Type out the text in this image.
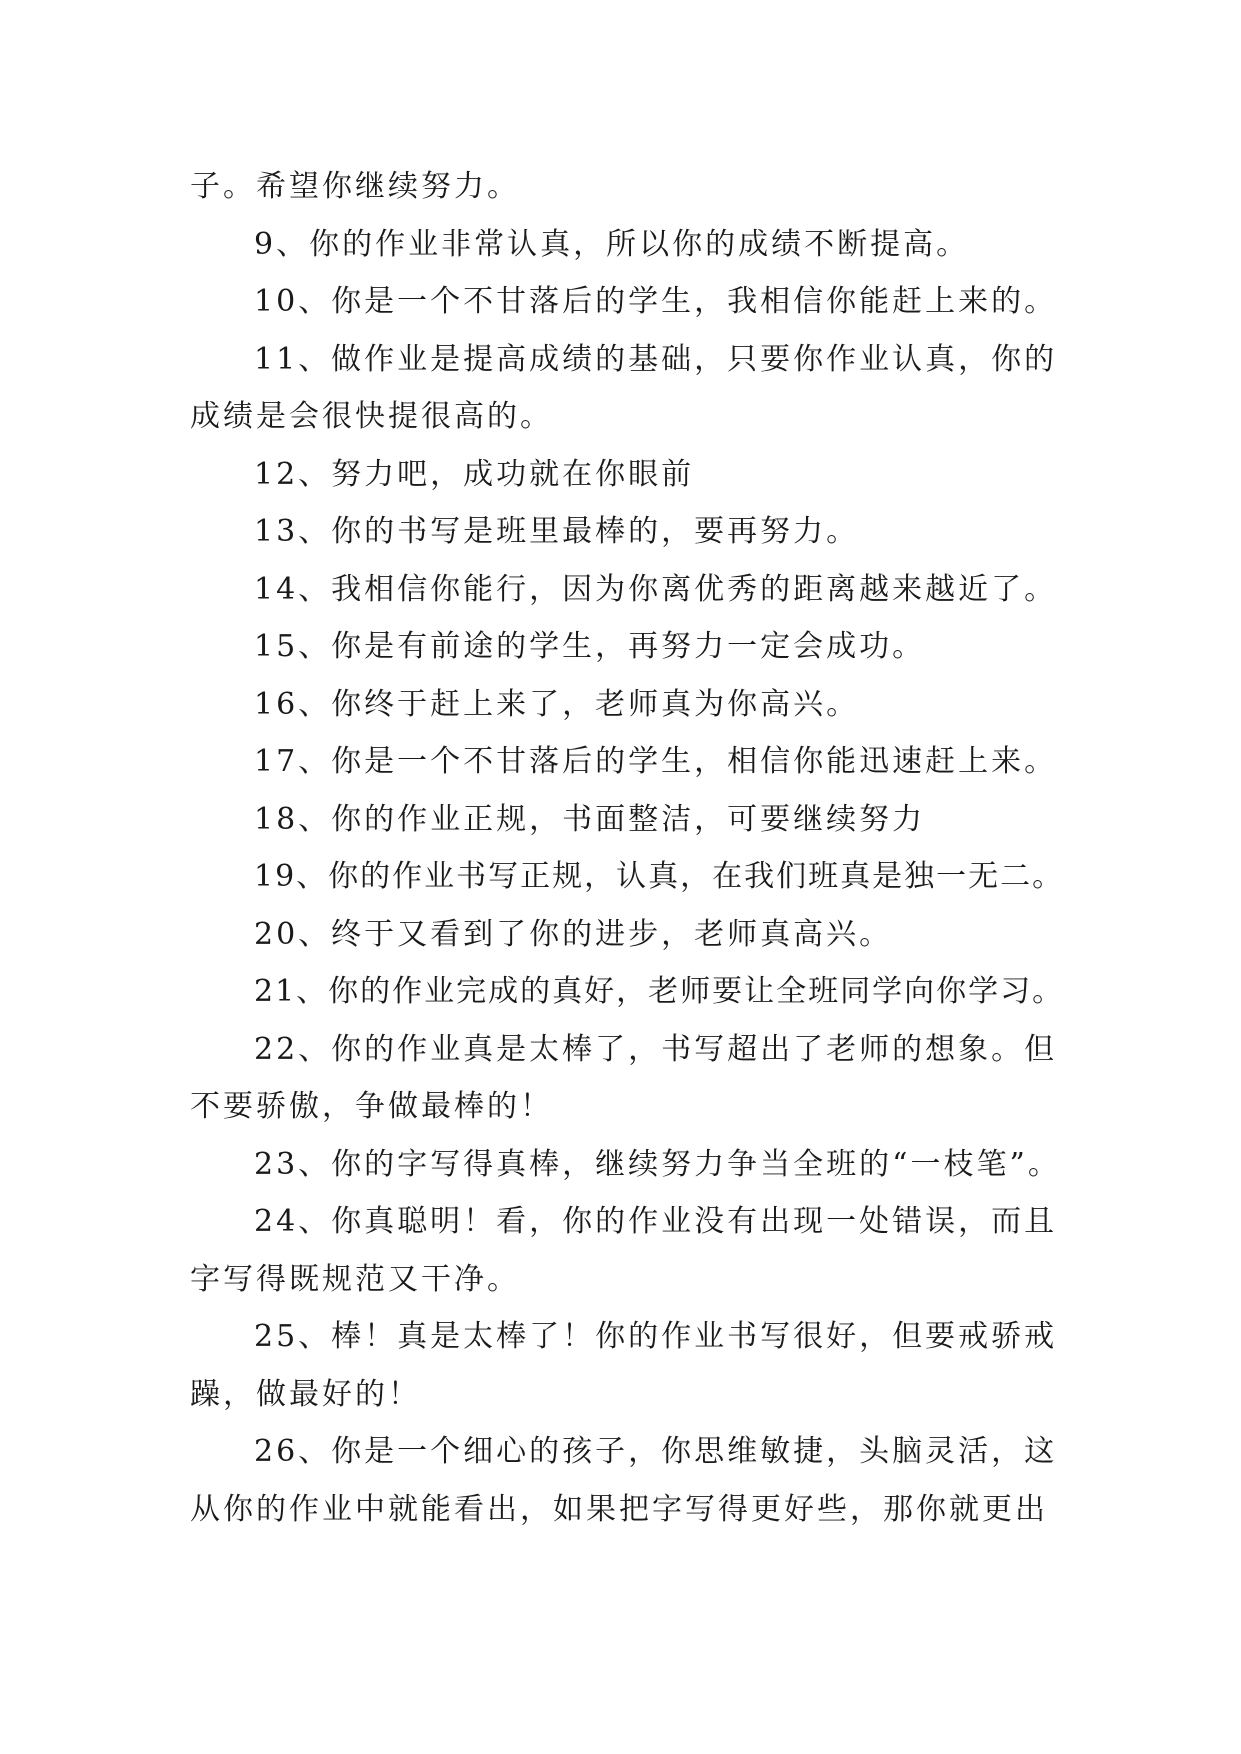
子。希望你继续努力。
9、你的作业非常认真，所以你的成绩不断提高。
10、你是一个不甘落后的学生，我相信你能赶上来的。
11、做作业是提高成绩的基础，只要你作业认真，你的
成绩是会很快提很高的。
12、努力吧，成功就在你眼前
13、你的书写是班里最棒的，要再努力。
14、我相信你能行，因为你离优秀的距离越来越近了。
15、你是有前途的学生，再努力一定会成功。
16、你终于赶上来了，老师真为你高兴。
17、你是一个不甘落后的学生，相信你能迅速赶上来。
18、你的作业正规，书面整洁，可要继续努力
19、你的作业书写正规，认真，在我们班真是独一无二。
20、终于又看到了你的进步，老师真高兴。
21、你的作业完成的真好，老师要让全班同学向你学习。
22、你的作业真是太棒了，书写超出了老师的想象。但
不要骄傲，争做最棒的！
23、你的字写得真棒，继续努力争当全班的“一枝笔”。
24、你真聪明！看，你的作业没有出现一处错误，而且
字写得既规范又干净。
25、棒！真是太棒了！你的作业书写很好，但要戒骄戒
躁，做最好的！
26、你是一个细心的孩子，你思维敏捷，头脑灵活，这
从你的作业中就能看出，如果把字写得更好些，那你就更出
